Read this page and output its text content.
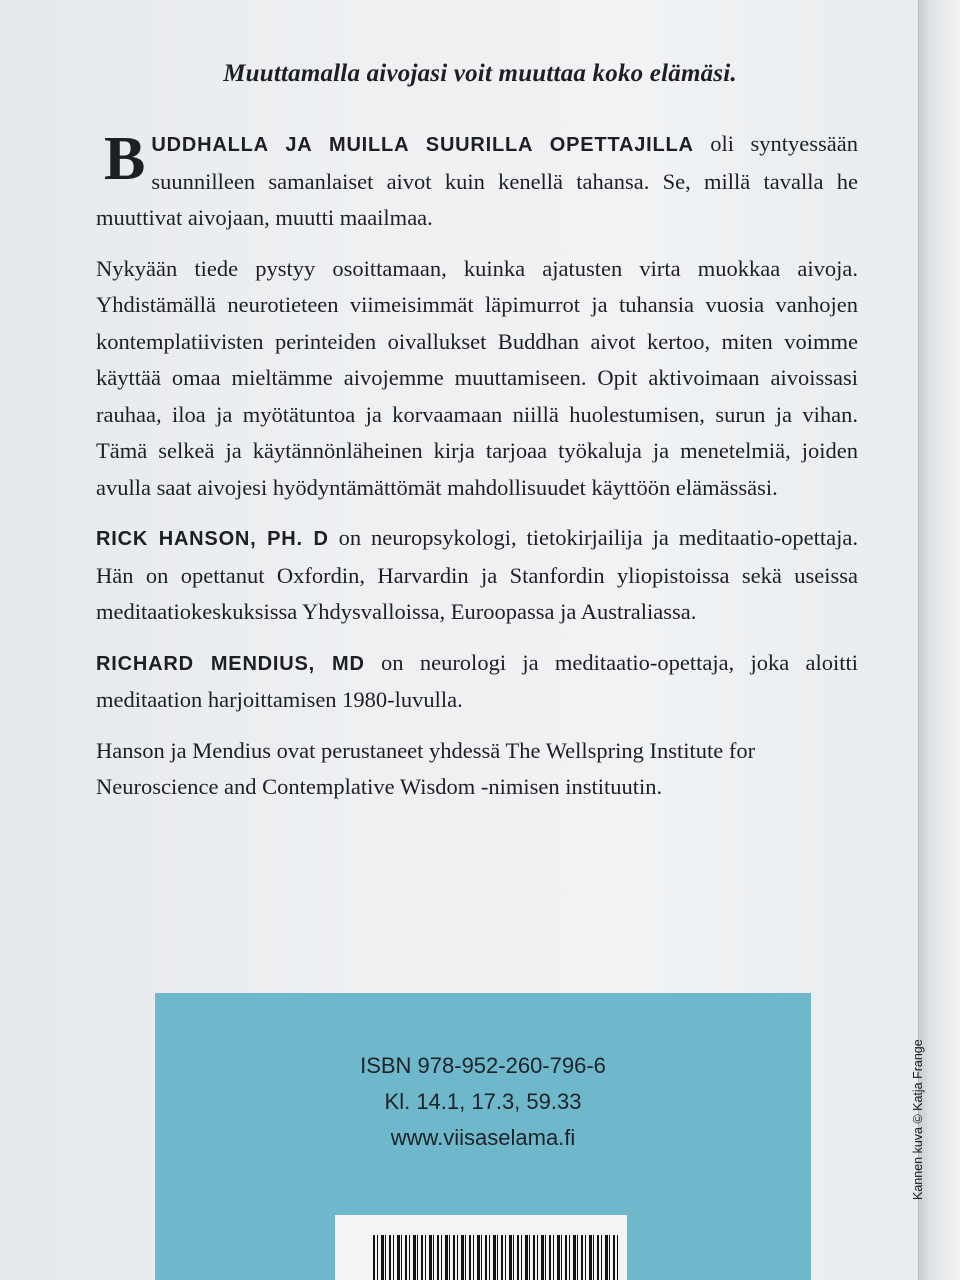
Muuttamalla aivojasi voit muuttaa koko elämäsi.

BUDDHALLA JA MUILLA SUURILLA OPETTAJILLA oli syntyessään suunnilleen samanlaiset aivot kuin kenellä tahansa. Se, millä tavalla he muuttivat aivojaan, muutti maailmaa.

Nykyään tiede pystyy osoittamaan, kuinka ajatusten virta muokkaa aivoja. Yhdistämällä neurotieteen viimeisimmät läpimurrot ja tuhansia vuosia vanhojen kontemplatiivisten perinteiden oivallukset Buddhan aivot kertoo, miten voimme käyttää omaa mieltämme aivojemme muuttamiseen. Opit aktivoimaan aivoissasi rauhaa, iloa ja myötätuntoa ja korvaamaan niillä huolestumisen, surun ja vihan. Tämä selkeä ja käytännönläheinen kirja tarjoaa työkaluja ja menetelmiä, joiden avulla saat aivojesi hyödyntämättömät mahdollisuudet käyttöön elämässäsi.

RICK HANSON, PH. D on neuropsykologi, tietokirjailija ja meditaatio-opettaja. Hän on opettanut Oxfordin, Harvardin ja Stanfordin yliopistoissa sekä useissa meditaatiokeskuksissa Yhdysvalloissa, Euroopassa ja Australiassa.

RICHARD MENDIUS, MD on neurologi ja meditaatio-opettaja, joka aloitti meditaation harjoittamisen 1980-luvulla.

Hanson ja Mendius ovat perustaneet yhdessä The Wellspring Institute for Neuroscience and Contemplative Wisdom -nimisen instituutin.

ISBN 978-952-260-796-6
Kl. 14.1, 17.3, 59.33
www.viisaselama.fi	Kannen kuva © Katja Frange
